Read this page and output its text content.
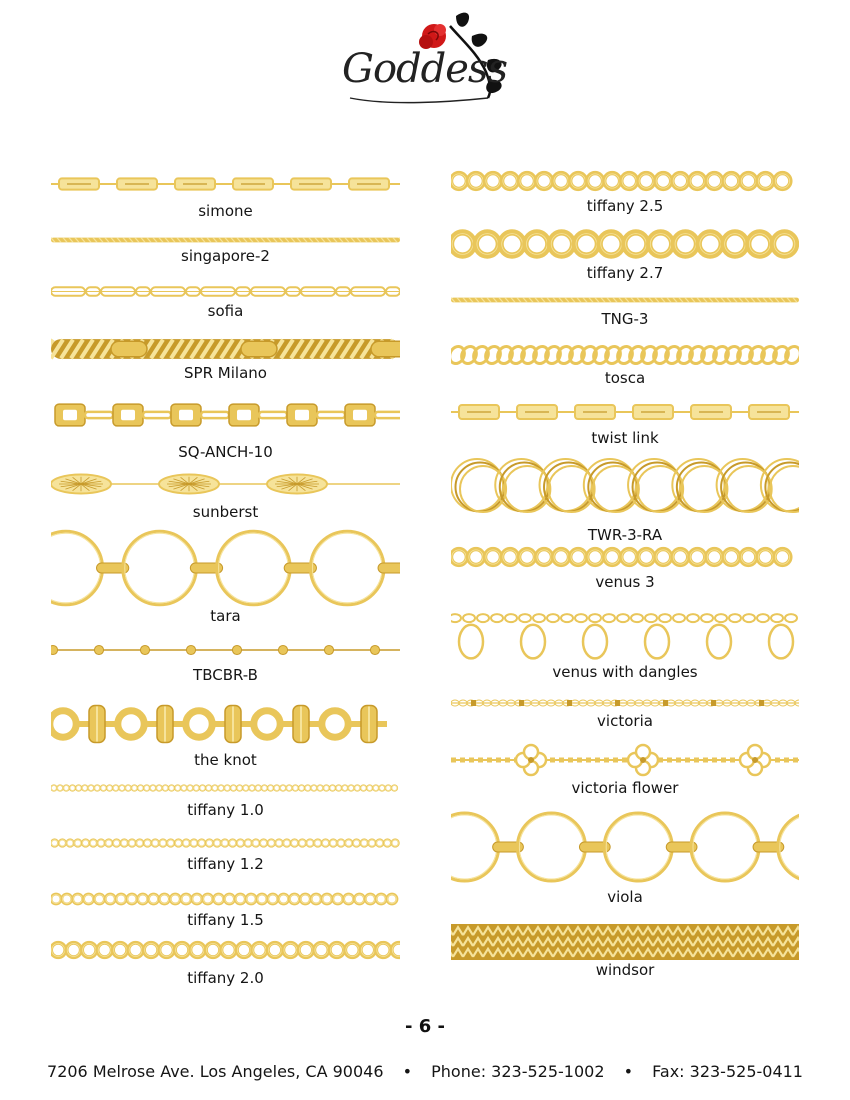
Goddess
simone
singapore-2
sofia
SPR Milano
SQ-ANCH-10
sunberst
tara
TBCBR-B
the knot
tiffany 1.0
tiffany 1.2
tiffany 1.5
tiffany 2.0
tiffany 2.5
tiffany 2.7
TNG-3
tosca
twist link
TWR-3-RA
venus 3
venus with dangles
victoria
victoria flower
viola
windsor
- 6 -
7206 Melrose Ave. Los Angeles, CA 90046 • Phone: 323-525-1002 • Fax: 323-525-0411
